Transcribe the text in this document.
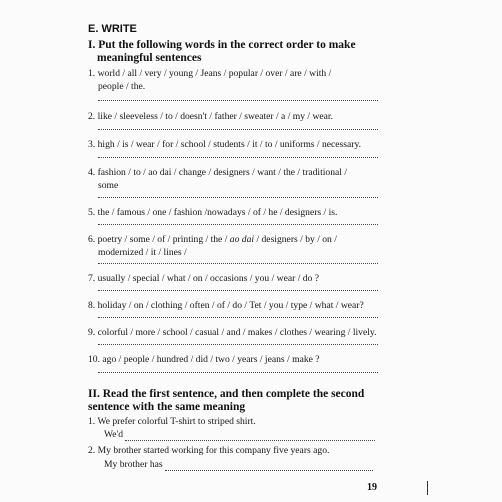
E. WRITE
I. Put the following words in the correct order to make
meaningful sentences
1. world / all / very / young / Jeans / popular / over / are / with /
people / the.
2. like / sleeveless / to / doesn't / father / sweater / a / my / wear.
3. high / is / wear / for / school / students / it / to / uniforms / necessary.
4. fashion / to / ao dai / change / designers / want / the / traditional /
some
5. the / famous / one / fashion /nowadays / of / he / designers / is.
6. poetry / some / of / printing / the / ao dai / designers / by / on /
modernized / it / lines /
7. usually / special / what / on / occasions / you / wear / do ?
8. holiday / on / clothing / often / of / do / Tet / you / type / what / wear?
9. colorful / more / school / casual / and / makes / clothes / wearing / lively.
10. ago / people / hundred / did / two / years / jeans / make ?
II. Read the first sentence, and then complete the second
sentence with the same meaning
1. We prefer colorful T-shirt to striped shirt.
We'd
2. My brother started working for this company five years ago.
My brother has
19
